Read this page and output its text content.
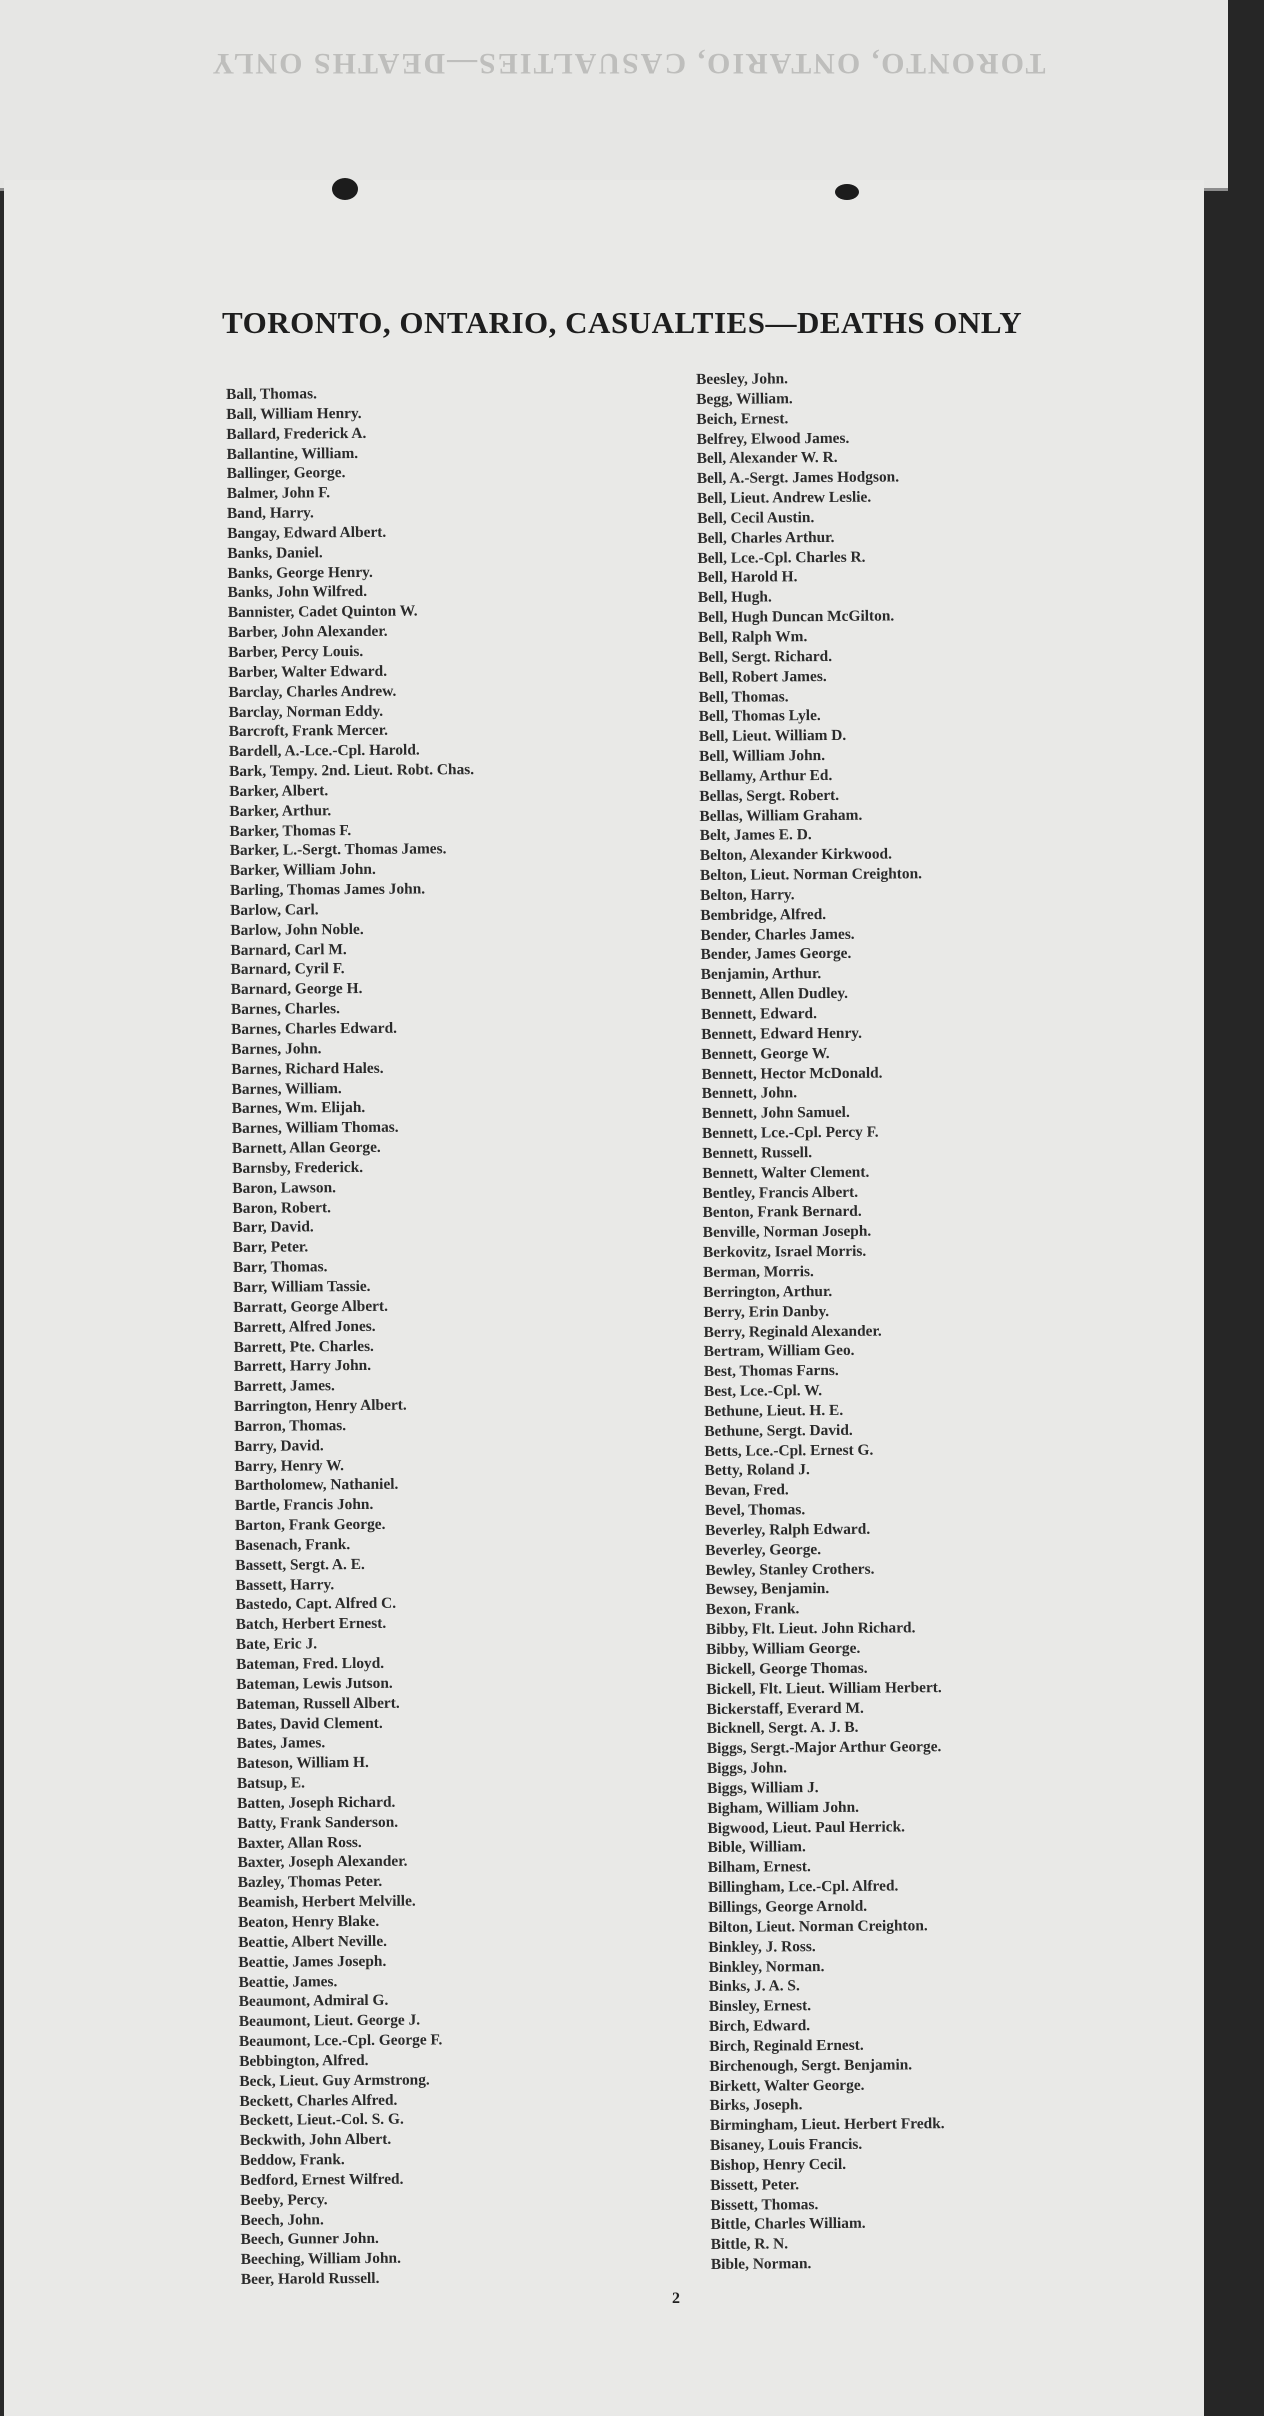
TORONTO, ONTARIO, CASUALTIES—DEATHS ONLY
TORONTO, ONTARIO, CASUALTIES—DEATHS ONLY
Ball, Thomas.
Ball, William Henry.
Ballard, Frederick A.
Ballantine, William.
Ballinger, George.
Balmer, John F.
Band, Harry.
Bangay, Edward Albert.
Banks, Daniel.
Banks, George Henry.
Banks, John Wilfred.
Bannister, Cadet Quinton W.
Barber, John Alexander.
Barber, Percy Louis.
Barber, Walter Edward.
Barclay, Charles Andrew.
Barclay, Norman Eddy.
Barcroft, Frank Mercer.
Bardell, A.-Lce.-Cpl. Harold.
Bark, Tempy. 2nd. Lieut. Robt. Chas.
Barker, Albert.
Barker, Arthur.
Barker, Thomas F.
Barker, L.-Sergt. Thomas James.
Barker, William John.
Barling, Thomas James John.
Barlow, Carl.
Barlow, John Noble.
Barnard, Carl M.
Barnard, Cyril F.
Barnard, George H.
Barnes, Charles.
Barnes, Charles Edward.
Barnes, John.
Barnes, Richard Hales.
Barnes, William.
Barnes, Wm. Elijah.
Barnes, William Thomas.
Barnett, Allan George.
Barnsby, Frederick.
Baron, Lawson.
Baron, Robert.
Barr, David.
Barr, Peter.
Barr, Thomas.
Barr, William Tassie.
Barratt, George Albert.
Barrett, Alfred Jones.
Barrett, Pte. Charles.
Barrett, Harry John.
Barrett, James.
Barrington, Henry Albert.
Barron, Thomas.
Barry, David.
Barry, Henry W.
Bartholomew, Nathaniel.
Bartle, Francis John.
Barton, Frank George.
Basenach, Frank.
Bassett, Sergt. A. E.
Bassett, Harry.
Bastedo, Capt. Alfred C.
Batch, Herbert Ernest.
Bate, Eric J.
Bateman, Fred. Lloyd.
Bateman, Lewis Jutson.
Bateman, Russell Albert.
Bates, David Clement.
Bates, James.
Bateson, William H.
Batsup, E.
Batten, Joseph Richard.
Batty, Frank Sanderson.
Baxter, Allan Ross.
Baxter, Joseph Alexander.
Bazley, Thomas Peter.
Beamish, Herbert Melville.
Beaton, Henry Blake.
Beattie, Albert Neville.
Beattie, James Joseph.
Beattie, James.
Beaumont, Admiral G.
Beaumont, Lieut. George J.
Beaumont, Lce.-Cpl. George F.
Bebbington, Alfred.
Beck, Lieut. Guy Armstrong.
Beckett, Charles Alfred.
Beckett, Lieut.-Col. S. G.
Beckwith, John Albert.
Beddow, Frank.
Bedford, Ernest Wilfred.
Beeby, Percy.
Beech, John.
Beech, Gunner John.
Beeching, William John.
Beer, Harold Russell.
Beesley, John.
Begg, William.
Beich, Ernest.
Belfrey, Elwood James.
Bell, Alexander W. R.
Bell, A.-Sergt. James Hodgson.
Bell, Lieut. Andrew Leslie.
Bell, Cecil Austin.
Bell, Charles Arthur.
Bell, Lce.-Cpl. Charles R.
Bell, Harold H.
Bell, Hugh.
Bell, Hugh Duncan McGilton.
Bell, Ralph Wm.
Bell, Sergt. Richard.
Bell, Robert James.
Bell, Thomas.
Bell, Thomas Lyle.
Bell, Lieut. William D.
Bell, William John.
Bellamy, Arthur Ed.
Bellas, Sergt. Robert.
Bellas, William Graham.
Belt, James E. D.
Belton, Alexander Kirkwood.
Belton, Lieut. Norman Creighton.
Belton, Harry.
Bembridge, Alfred.
Bender, Charles James.
Bender, James George.
Benjamin, Arthur.
Bennett, Allen Dudley.
Bennett, Edward.
Bennett, Edward Henry.
Bennett, George W.
Bennett, Hector McDonald.
Bennett, John.
Bennett, John Samuel.
Bennett, Lce.-Cpl. Percy F.
Bennett, Russell.
Bennett, Walter Clement.
Bentley, Francis Albert.
Benton, Frank Bernard.
Benville, Norman Joseph.
Berkovitz, Israel Morris.
Berman, Morris.
Berrington, Arthur.
Berry, Erin Danby.
Berry, Reginald Alexander.
Bertram, William Geo.
Best, Thomas Farns.
Best, Lce.-Cpl. W.
Bethune, Lieut. H. E.
Bethune, Sergt. David.
Betts, Lce.-Cpl. Ernest G.
Betty, Roland J.
Bevan, Fred.
Bevel, Thomas.
Beverley, Ralph Edward.
Beverley, George.
Bewley, Stanley Crothers.
Bewsey, Benjamin.
Bexon, Frank.
Bibby, Flt. Lieut. John Richard.
Bibby, William George.
Bickell, George Thomas.
Bickell, Flt. Lieut. William Herbert.
Bickerstaff, Everard M.
Bicknell, Sergt. A. J. B.
Biggs, Sergt.-Major Arthur George.
Biggs, John.
Biggs, William J.
Bigham, William John.
Bigwood, Lieut. Paul Herrick.
Bible, William.
Bilham, Ernest.
Billingham, Lce.-Cpl. Alfred.
Billings, George Arnold.
Bilton, Lieut. Norman Creighton.
Binkley, J. Ross.
Binkley, Norman.
Binks, J. A. S.
Binsley, Ernest.
Birch, Edward.
Birch, Reginald Ernest.
Birchenough, Sergt. Benjamin.
Birkett, Walter George.
Birks, Joseph.
Birmingham, Lieut. Herbert Fredk.
Bisaney, Louis Francis.
Bishop, Henry Cecil.
Bissett, Peter.
Bissett, Thomas.
Bittle, Charles William.
Bittle, R. N.
Bible, Norman.
2
